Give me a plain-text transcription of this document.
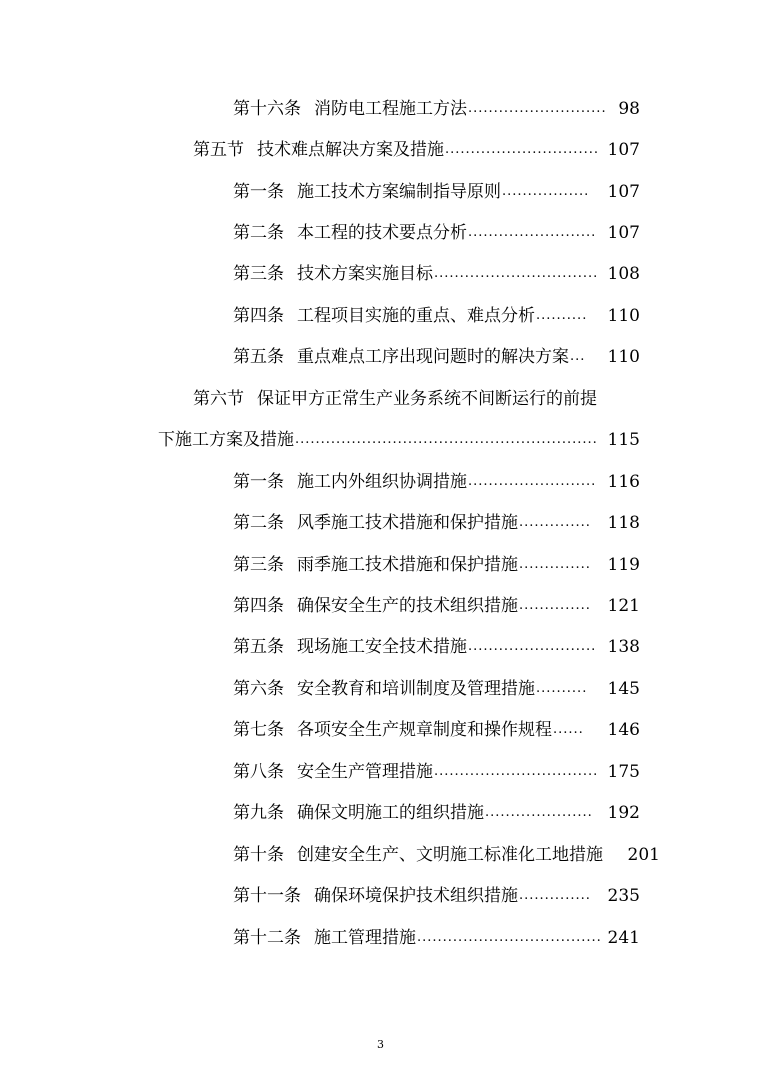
第十六条 消防电工程施工方法 ........................... 98
第五节 技术难点解决方案及措施 .............................. 107
第一条 施工技术方案编制指导原则 .................	107
第二条 本工程的技术要点分析 ......................... 107
第三条 技术方案实施目标 ................................ 108
第四条 工程项目实施的重点、难点分析 ..........	110
第五条 重点难点工序出现问题时的解决方案 ...	110
第六节 保证甲方正常生产业务系统不间断运行的前提
下施工方案及措施 ........................................................... 115
第一条 施工内外组织协调措施 ......................... 116
第二条 风季施工技术措施和保护措施 .............. 118
第三条 雨季施工技术措施和保护措施 .............. 119
第四条 确保安全生产的技术组织措施 .............. 121
第五条 现场施工安全技术措施 ......................... 138
第六条 安全教育和培训制度及管理措施 ..........	145
第七条 各项安全生产规章制度和操作规程 ......	146
第八条 安全生产管理措施 ................................ 175
第九条 确保文明施工的组织措施 ..................... 192
第十条 创建安全生产、文明施工标准化工地措施 201
第十一条 确保环境保护技术组织措施 .............. 235
第十二条 施工管理措施 .................................... 241
3
